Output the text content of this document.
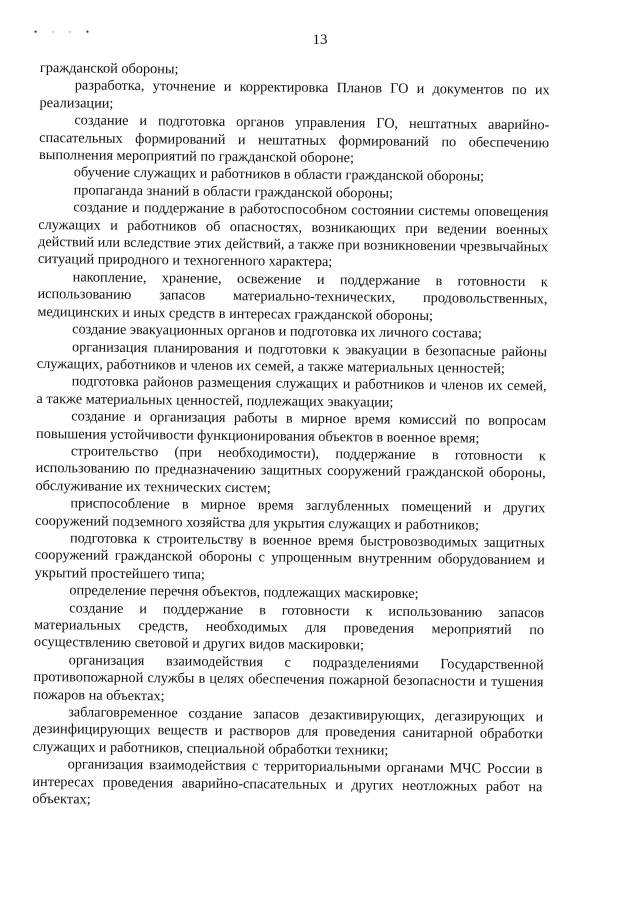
• · · •	13

гражданской обороны;

разработка, уточнение и корректировка Планов ГО и документов по их реализации;

создание и подготовка органов управления ГО, нештатных аварийно-спасательных формирований и нештатных формирований по обеспечению выполнения мероприятий по гражданской обороне;

обучение служащих и работников в области гражданской обороны;

пропаганда знаний в области гражданской обороны;

создание и поддержание в работоспособном состоянии системы оповещения служащих и работников об опасностях, возникающих при ведении военных действий или вследствие этих действий, а также при возникновении чрезвычайных ситуаций природного и техногенного характера;

накопление, хранение, освежение и поддержание в готовности к использованию запасов материально-технических, продовольственных, медицинских и иных средств в интересах гражданской обороны;

создание эвакуационных органов и подготовка их личного состава;

организация планирования и подготовки к эвакуации в безопасные районы служащих, работников и членов их семей, а также материальных ценностей;

подготовка районов размещения служащих и работников и членов их семей, а также материальных ценностей, подлежащих эвакуации;

создание и организация работы в мирное время комиссий по вопросам повышения устойчивости функционирования объектов в военное время;

строительство (при необходимости), поддержание в готовности к использованию по предназначению защитных сооружений гражданской обороны, обслуживание их технических систем;

приспособление в мирное время заглубленных помещений и других сооружений подземного хозяйства для укрытия служащих и работников;

подготовка к строительству в военное время быстровозводимых защитных сооружений гражданской обороны с упрощенным внутренним оборудованием и укрытий простейшего типа;

определение перечня объектов, подлежащих маскировке;

создание и поддержание в готовности к использованию запасов материальных средств, необходимых для проведения мероприятий по осуществлению световой и других видов маскировки;

организация взаимодействия с подразделениями Государственной противопожарной службы в целях обеспечения пожарной безопасности и тушения пожаров на объектах;

заблаговременное создание запасов дезактивирующих, дегазирующих и дезинфицирующих веществ и растворов для проведения санитарной обработки служащих и работников, специальной обработки техники;

организация взаимодействия с территориальными органами МЧС России в интересах проведения аварийно-спасательных и других неотложных работ на объектах;
